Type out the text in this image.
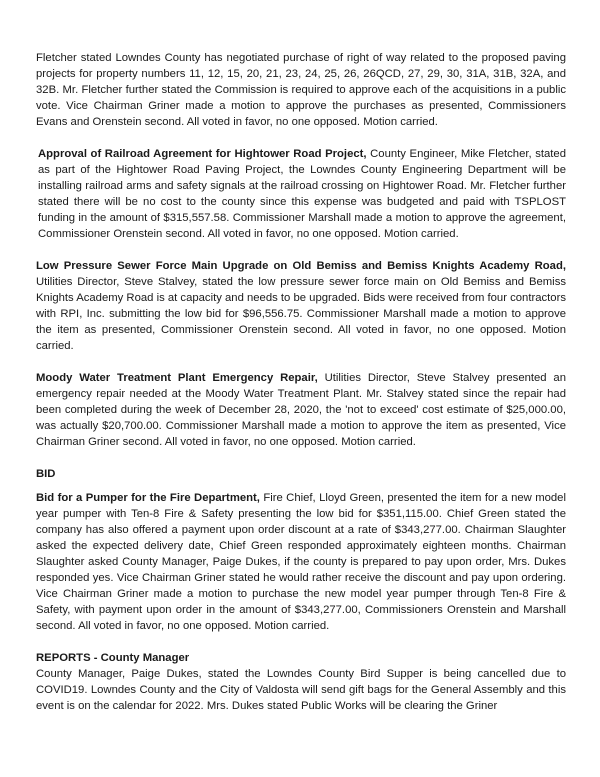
Fletcher stated Lowndes County has negotiated purchase of right of way related to the proposed paving projects for property numbers 11, 12, 15, 20, 21, 23, 24, 25, 26, 26QCD, 27, 29, 30, 31A, 31B, 32A, and 32B. Mr. Fletcher further stated the Commission is required to approve each of the acquisitions in a public vote. Vice Chairman Griner made a motion to approve the purchases as presented, Commissioners Evans and Orenstein second. All voted in favor, no one opposed. Motion carried.

Approval of Railroad Agreement for Hightower Road Project, County Engineer, Mike Fletcher, stated as part of the Hightower Road Paving Project, the Lowndes County Engineering Department will be installing railroad arms and safety signals at the railroad crossing on Hightower Road. Mr. Fletcher further stated there will be no cost to the county since this expense was budgeted and paid with TSPLOST funding in the amount of $315,557.58. Commissioner Marshall made a motion to approve the agreement, Commissioner Orenstein second. All voted in favor, no one opposed. Motion carried.

Low Pressure Sewer Force Main Upgrade on Old Bemiss and Bemiss Knights Academy Road, Utilities Director, Steve Stalvey, stated the low pressure sewer force main on Old Bemiss and Bemiss Knights Academy Road is at capacity and needs to be upgraded. Bids were received from four contractors with RPI, Inc. submitting the low bid for $96,556.75. Commissioner Marshall made a motion to approve the item as presented, Commissioner Orenstein second. All voted in favor, no one opposed. Motion carried.

Moody Water Treatment Plant Emergency Repair, Utilities Director, Steve Stalvey presented an emergency repair needed at the Moody Water Treatment Plant. Mr. Stalvey stated since the repair had been completed during the week of December 28, 2020, the 'not to exceed' cost estimate of $25,000.00, was actually $20,700.00. Commissioner Marshall made a motion to approve the item as presented, Vice Chairman Griner second. All voted in favor, no one opposed. Motion carried.

BID

Bid for a Pumper for the Fire Department, Fire Chief, Lloyd Green, presented the item for a new model year pumper with Ten-8 Fire & Safety presenting the low bid for $351,115.00. Chief Green stated the company has also offered a payment upon order discount at a rate of $343,277.00. Chairman Slaughter asked the expected delivery date, Chief Green responded approximately eighteen months. Chairman Slaughter asked County Manager, Paige Dukes, if the county is prepared to pay upon order, Mrs. Dukes responded yes. Vice Chairman Griner stated he would rather receive the discount and pay upon ordering. Vice Chairman Griner made a motion to purchase the new model year pumper through Ten-8 Fire & Safety, with payment upon order in the amount of $343,277.00, Commissioners Orenstein and Marshall second. All voted in favor, no one opposed. Motion carried.

REPORTS - County Manager

County Manager, Paige Dukes, stated the Lowndes County Bird Supper is being cancelled due to COVID19. Lowndes County and the City of Valdosta will send gift bags for the General Assembly and this event is on the calendar for 2022. Mrs. Dukes stated Public Works will be clearing the Griner
